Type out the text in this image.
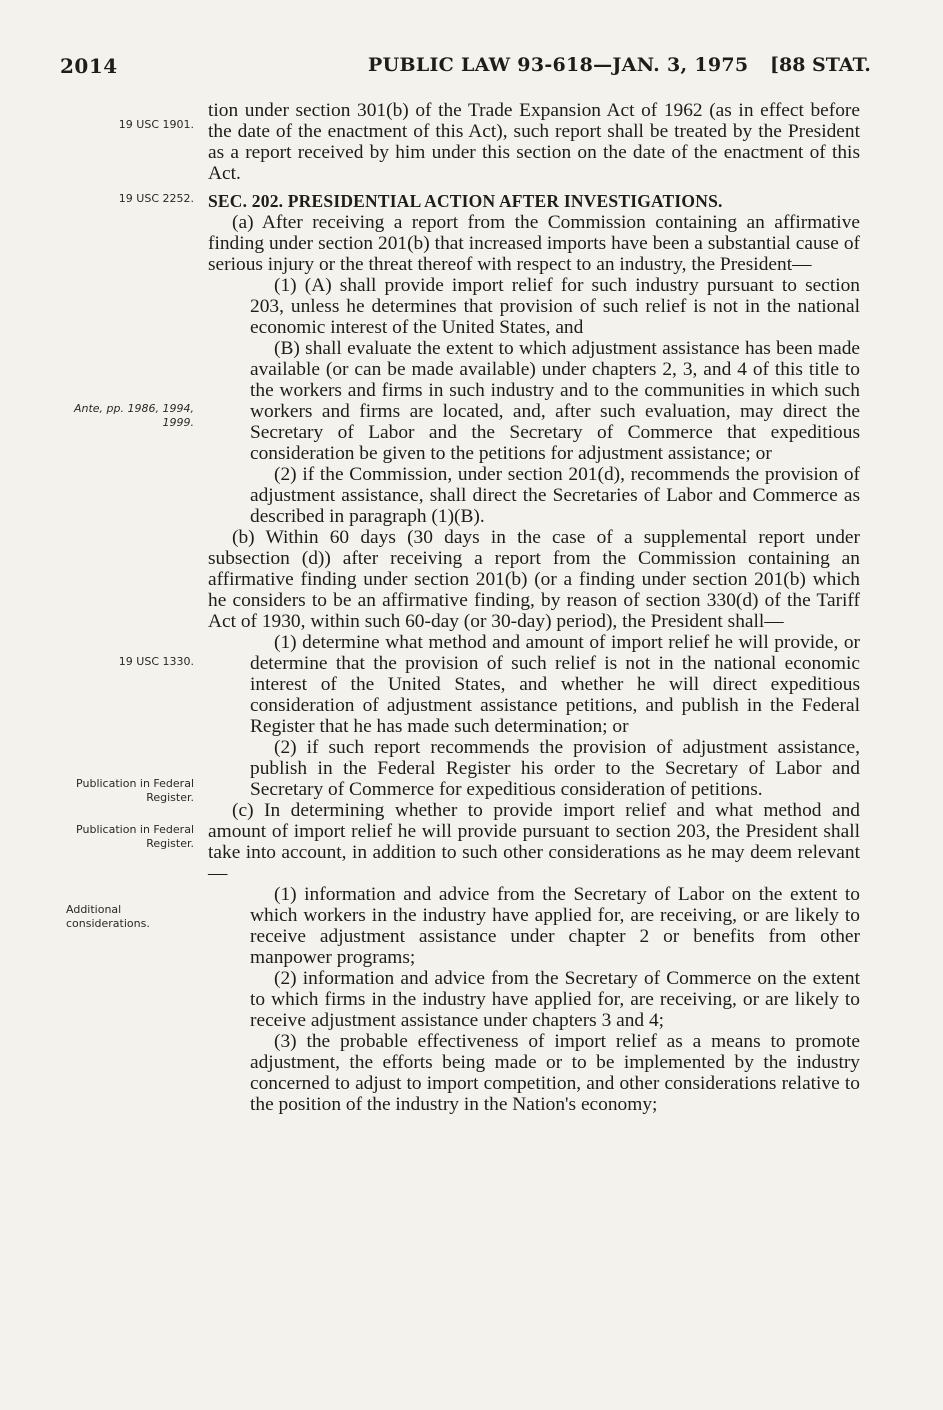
2014	PUBLIC LAW 93-618—JAN. 3, 1975 [88 STAT.
19 USC 1901.
19 USC 2252.
Ante, pp. 1986, 1994, 1999.
19 USC 1330.
Publication in Federal Register.
Publication in Federal Register.
Additional considerations.

tion under section 301(b) of the Trade Expansion Act of 1962 (as in effect before the date of the enactment of this Act), such report shall be treated by the President as a report received by him under this section on the date of the enactment of this Act.

SEC. 202. PRESIDENTIAL ACTION AFTER INVESTIGATIONS.

(a) After receiving a report from the Commission containing an affirmative finding under section 201(b) that increased imports have been a substantial cause of serious injury or the threat thereof with respect to an industry, the President—

(1) (A) shall provide import relief for such industry pursuant to section 203, unless he determines that provision of such relief is not in the national economic interest of the United States, and

(B) shall evaluate the extent to which adjustment assistance has been made available (or can be made available) under chapters 2, 3, and 4 of this title to the workers and firms in such industry and to the communities in which such workers and firms are located, and, after such evaluation, may direct the Secretary of Labor and the Secretary of Commerce that expeditious consideration be given to the petitions for adjustment assistance; or

(2) if the Commission, under section 201(d), recommends the provision of adjustment assistance, shall direct the Secretaries of Labor and Commerce as described in paragraph (1)(B).

(b) Within 60 days (30 days in the case of a supplemental report under subsection (d)) after receiving a report from the Commission containing an affirmative finding under section 201(b) (or a finding under section 201(b) which he considers to be an affirmative finding, by reason of section 330(d) of the Tariff Act of 1930, within such 60-day (or 30-day) period), the President shall—

(1) determine what method and amount of import relief he will provide, or determine that the provision of such relief is not in the national economic interest of the United States, and whether he will direct expeditious consideration of adjustment assistance petitions, and publish in the Federal Register that he has made such determination; or

(2) if such report recommends the provision of adjustment assistance, publish in the Federal Register his order to the Secretary of Labor and Secretary of Commerce for expeditious consideration of petitions.

(c) In determining whether to provide import relief and what method and amount of import relief he will provide pursuant to section 203, the President shall take into account, in addition to such other considerations as he may deem relevant—

(1) information and advice from the Secretary of Labor on the extent to which workers in the industry have applied for, are receiving, or are likely to receive adjustment assistance under chapter 2 or benefits from other manpower programs;

(2) information and advice from the Secretary of Commerce on the extent to which firms in the industry have applied for, are receiving, or are likely to receive adjustment assistance under chapters 3 and 4;

(3) the probable effectiveness of import relief as a means to promote adjustment, the efforts being made or to be implemented by the industry concerned to adjust to import competition, and other considerations relative to the position of the industry in the Nation's economy;
